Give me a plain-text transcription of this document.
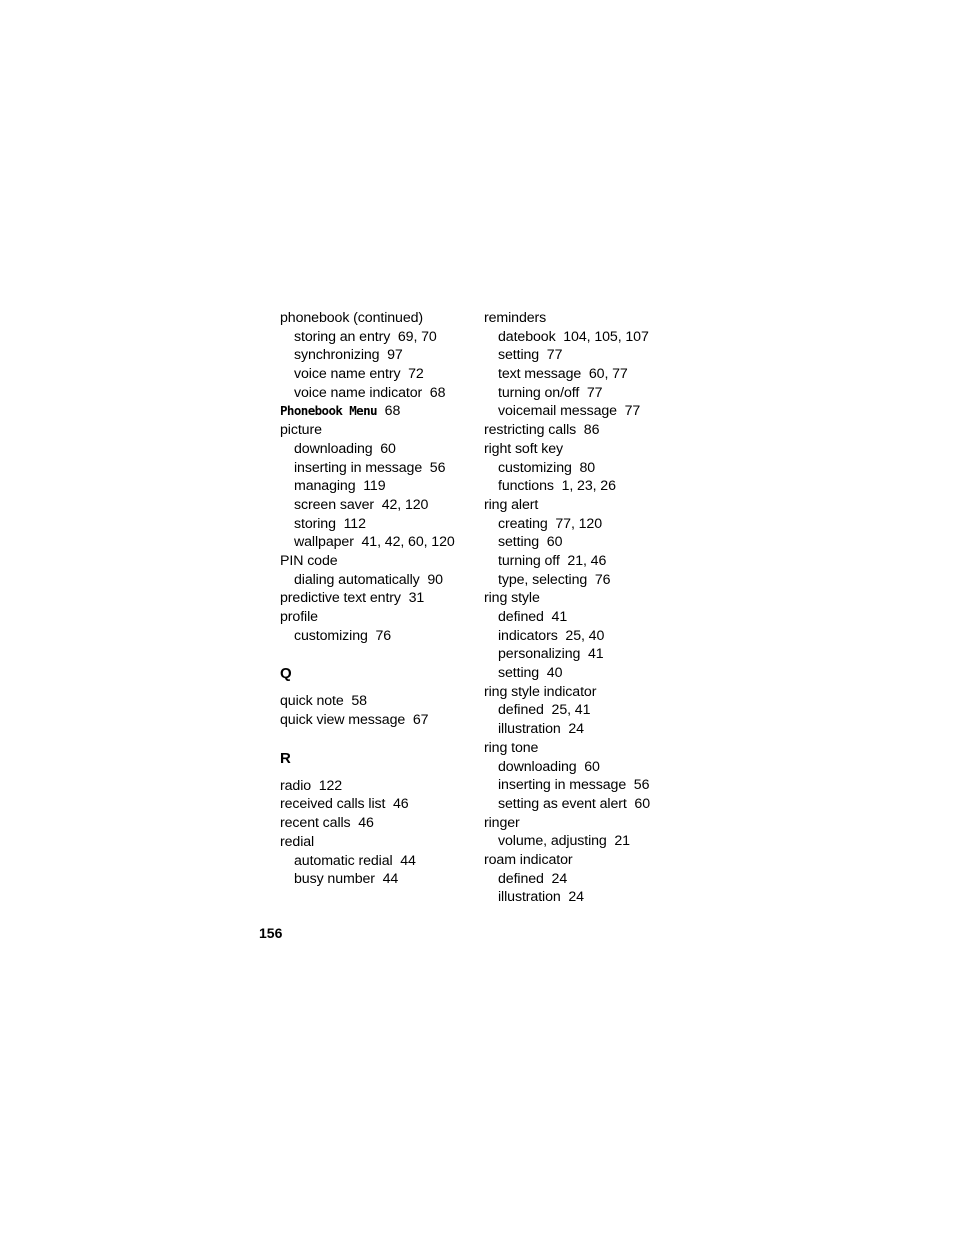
phonebook (continued)
storing an entry  69, 70
synchronizing  97
voice name entry  72
voice name indicator  68
Phonebook Menu 68
picture
downloading  60
inserting in message  56
managing  119
screen saver  42, 120
storing  112
wallpaper  41, 42, 60, 120
PIN code
dialing automatically  90
predictive text entry  31
profile
customizing  76
Q
quick note  58
quick view message  67
R
radio  122
received calls list  46
recent calls  46
redial
automatic redial  44
busy number  44
reminders
datebook  104, 105, 107
setting  77
text message  60, 77
turning on/off  77
voicemail message  77
restricting calls  86
right soft key
customizing  80
functions  1, 23, 26
ring alert
creating  77, 120
setting  60
turning off  21, 46
type, selecting  76
ring style
defined  41
indicators  25, 40
personalizing  41
setting  40
ring style indicator
defined  25, 41
illustration  24
ring tone
downloading  60
inserting in message  56
setting as event alert  60
ringer
volume, adjusting  21
roam indicator
defined  24
illustration  24
156
